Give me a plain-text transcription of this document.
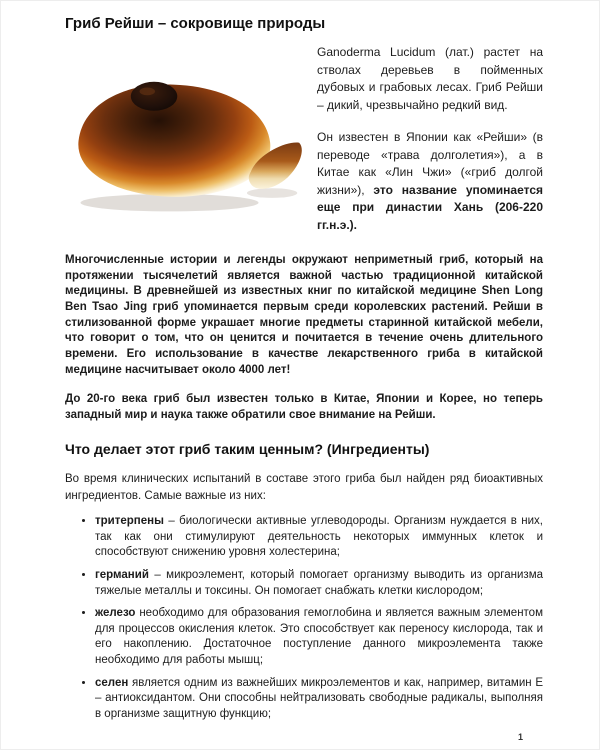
Гриб Рейши – сокровище природы

Ganoderma Lucidum (лат.) растет на стволах деревьев в пойменных дубовых и грабовых лесах. Гриб Рейши – дикий, чрезвычайно редкий вид.

Он известен в Японии как «Рейши» (в переводе «трава долголетия»), а в Китае как «Лин Чжи» («гриб долгой жизни»), это название упоминается еще при династии Хань (206-220 гг.н.э.).

Многочисленные истории и легенды окружают неприметный гриб, который на протяжении тысячелетий является важной частью традиционной китайской медицины. В древнейшей из известных книг по китайской медицине Shen Long Ben Tsao Jing гриб упоминается первым среди королевских растений. Рейши в стилизованной форме украшает многие предметы старинной китайской мебели, что говорит о том, что он ценится и почитается в течение очень длительного времени. Его использование в качестве лекарственного гриба в китайской медицине насчитывает около 4000 лет!

До 20-го века гриб был известен только в Китае, Японии и Корее, но теперь западный мир и наука также обратили свое внимание на Рейши.

Что делает этот гриб таким ценным? (Ингредиенты)

Во время клинических испытаний в составе этого гриба был найден ряд биоактивных ингредиентов. Самые важные из них:

• тритерпены – биологически активные углеводороды. Организм нуждается в них, так как они стимулируют деятельность некоторых иммунных клеток и способствуют снижению уровня холестерина;
• германий – микроэлемент, который помогает организму выводить из организма тяжелые металлы и токсины. Он помогает снабжать клетки кислородом;
• железо необходимо для образования гемоглобина и является важным элементом для процессов окисления клеток. Это способствует как переносу кислорода, так и его накоплению. Достаточное поступление данного микроэлемента также необходимо для работы мышц;
• селен является одним из важнейших микроэлементов и как, например, витамин Е – антиоксидантом. Они способны нейтрализовать свободные радикалы, выполняя в организме защитную функцию;
1
